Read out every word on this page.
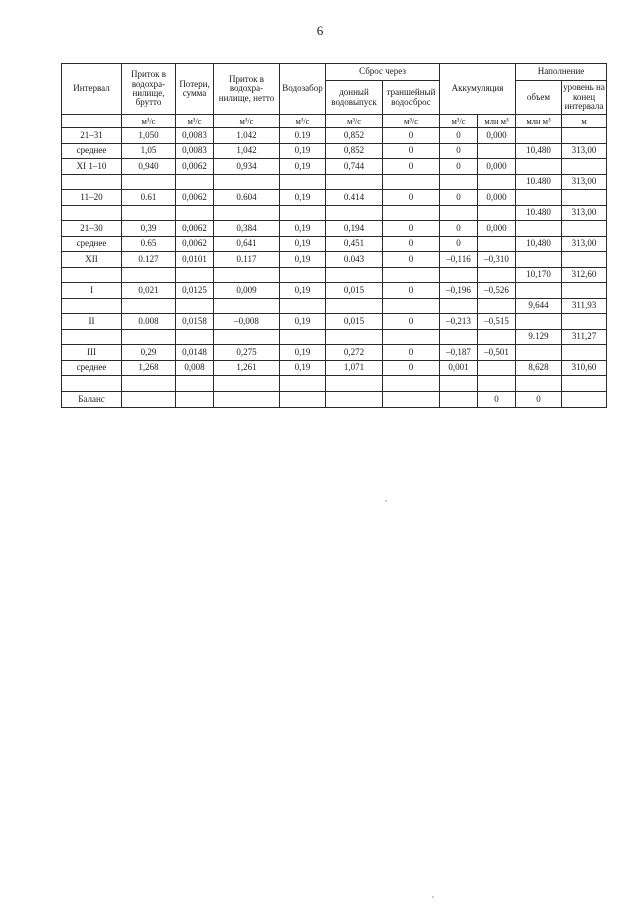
6
Интервал	Приток в водохра-нилище, брутто	Потери, сумма	Приток в водохра-нилище, нетто	Водозабор	Сброс через		Аккумуляция		Наполнение	
					донный водовыпуск	траншейный водосброс			объем	уровень на конец интервала
	м³/с	м³/с	м³/с	м³/с	м³/с	м³/с	м³/с	млн м³	млн м³	м
21–31	1,050	0,0083	1.042	0.19	0,852	0	0	0,000		
среднее	1,05	0,0083	1,042	0,19	0,852	0	0		10,480	313,00
XI 1–10	0,940	0,0062	0,934	0,19	0,744	0	0	0,000		
									10.480	313,00
11–20	0.61	0,0062	0.604	0,19	0.414	0	0	0,000		
									10.480	313,00
21–30	0,39	0,0062	0,384	0,19	0,194	0	0	0,000		
среднее	0.65	0,0062	0,641	0,19	0,451	0	0		10,480	313,00
XII	0.127	0,0101	0.117	0,19	0.043	0	–0,116	–0,310		
									10,170	312,60
I	0,021	0,0125	0,009	0,19	0,015	0	–0,196	–0,526		
									9,644	311,93
II	0.008	0,0158	–0,008	0,19	0,015	0	–0,213	–0,515		
									9.129	311,27
III	0,29	0,0148	0,275	0,19	0,272	0	–0,187	–0,501		
среднее	1,268	0,008	1,261	0,19	1,071	0	0,001		8,628	310,60

Баланс								0	0	
